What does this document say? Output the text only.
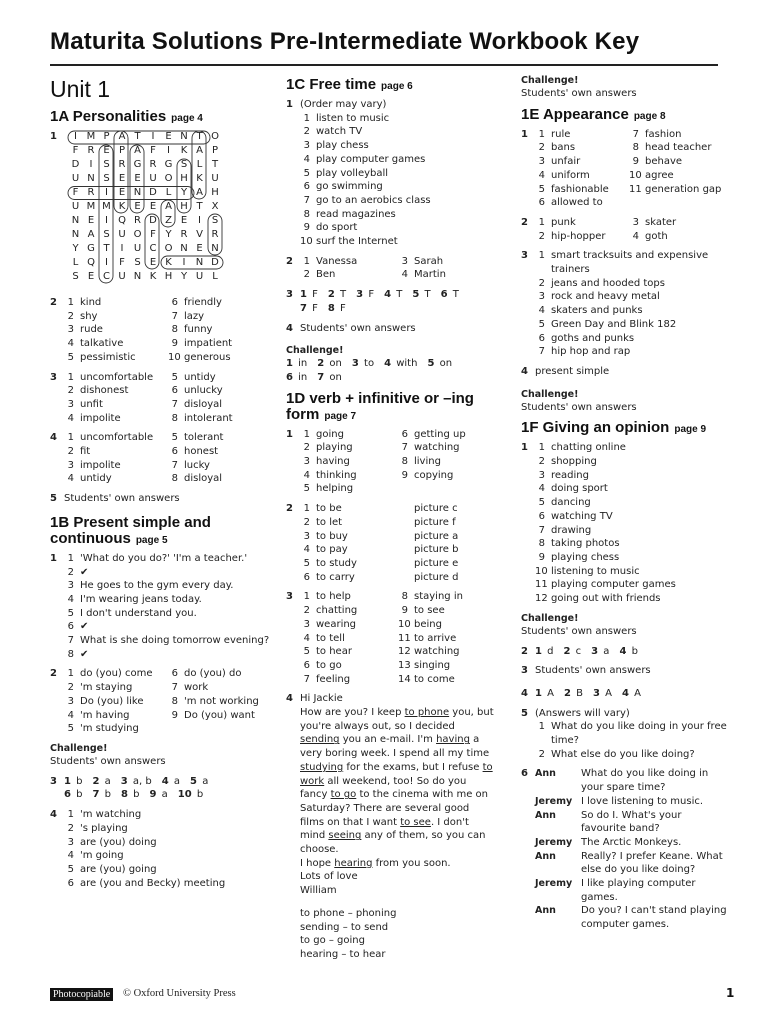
Maturita Solutions Pre-Intermediate Workbook Key
Unit 1
1A Personalities page 4
1	I M P A T	I	E N T O
F R E P A F	I	K A P
D I	S R G R G S L T
U N S E E U O H K U
F R	I	E N D L Y A H
U M M K E E A H T X
N E	I Q R D Z E	I	S
N A S U O F Y R V R
Y G T	I U C O N E N
L Q I	F S E K	I N D
S E C U N K H Y U L
2	1 kind	6 friendly
2 shy	7 lazy
3 rude	8 funny
4 talkative	9 impatient
5 pessimistic	10 generous
3	1 uncomfortable	5 untidy
2 dishonest	6 unlucky
3 unfit	7 disloyal
4 impolite	8 intolerant
4	1 uncomfortable	5 tolerant
2 fit	6 honest
3 impolite	7 lucky
4 untidy	8 disloyal
5 Students' own answers
1B Present simple and continuous page 5
1	1 'What do you do?' 'I'm a teacher.'
2 ✔
3 He goes to the gym every day.
4 I'm wearing jeans today.
5 I don't understand you.
6 ✔
7 What is she doing tomorrow evening?
8 ✔
2	1 do (you) come	6 do (you) do
2 'm staying	7 work
3 Do (you) like	8 'm not working
4 'm having	9 Do (you) want
5 'm studying
Challenge!
Students' own answers
3 1 b 2 a 3 a, b 4 a 5 a
6 b 7 b 8 b 9 a 10 b
4	1 'm watching
2 's playing
3 are (you) doing
4 'm going
5 are (you) going
6 are (you and Becky) meeting
1C Free time page 6
1 (Order may vary)
1 listen to music
2 watch TV
3 play chess
4 play computer games
5 play volleyball
6 go swimming
7 go to an aerobics class
8 read magazines
9 do sport
10 surf the Internet
2	1 Vanessa	3 Sarah
2 Ben	4 Martin
3 1 F 2 T 3 F 4 T 5 T 6 T
7 F 8 F
4 Students' own answers
Challenge!
1 in 2 on 3 to 4 with 5 on
6 in 7 on
1D verb + infinitive or –ing form page 7
1	1 going	6 getting up
2 playing	7 watching
3 having	8 living
4 thinking	9 copying
5 helping
2	1 to be	picture c
2 to let	picture f
3 to buy	picture a
4 to pay	picture b
5 to study	picture e
6 to carry	picture d
3	1 to help	8 staying in
2 chatting	9 to see
3 wearing	10 being
4 to tell	11 to arrive
5 to hear	12 watching
6 to go	13 singing
7 feeling	14 to come
4 Hi Jackie
How are you? I keep to phone you, but you're always out, so I decided sending you an e-mail. I'm having a very boring week. I spend all my time studying for the exams, but I refuse to work all weekend, too! So do you fancy to go to the cinema with me on Saturday? There are several good films on that I want to see. I don't mind seeing any of them, so you can choose.
I hope hearing from you soon.
Lots of love
William
to phone – phoning
sending – to send
to go – going
hearing – to hear
Challenge!
Students' own answers
1E Appearance page 8
1	1 rule	7 fashion
2 bans	8 head teacher
3 unfair	9 behave
4 uniform	10 agree
5 fashionable	11 generation gap
6 allowed to
2	1 punk	3 skater
2 hip-hopper	4 goth
3	1 smart tracksuits and expensive trainers
2 jeans and hooded tops
3 rock and heavy metal
4 skaters and punks
5 Green Day and Blink 182
6 goths and punks
7 hip hop and rap
4 present simple
Challenge!
Students' own answers
1F Giving an opinion page 9
1	1 chatting online
2 shopping
3 reading
4 doing sport
5 dancing
6 watching TV
7 drawing
8 taking photos
9 playing chess
10 listening to music
11 playing computer games
12 going out with friends
Challenge!
Students' own answers
2 1 d 2 c 3 a 4 b
3 Students' own answers
4 1 A 2 B 3 A 4 A
5 (Answers will vary)
1 What do you like doing in your free time?
2 What else do you like doing?
6 Ann	What do you like doing in your spare time?
Jeremy I love listening to music.
Ann	So do I. What's your favourite band?
Jeremy The Arctic Monkeys.
Ann	Really? I prefer Keane. What else do you like doing?
Jeremy I like playing computer games.
Ann	Do you? I can't stand playing computer games.
Photocopiable © Oxford University Press	1
